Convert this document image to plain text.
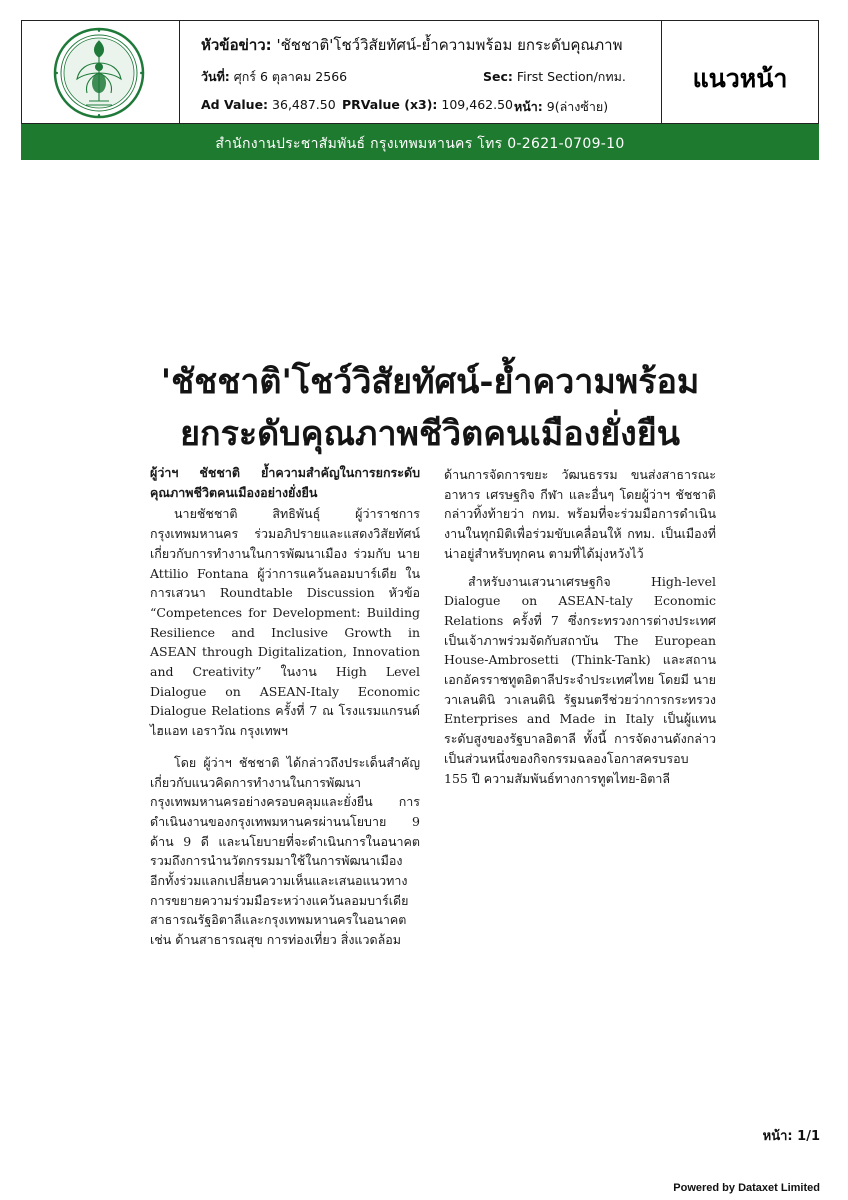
หัวข้อข่าว: 'ชัชชาติ'โชว์วิสัยทัศน์-ย้ำความพร้อม ยกระดับคุณภาพ
วันที่: ศุกร์ 6 ตุลาคม 2566	Sec: First Section/กทม.
Ad Value: 36,487.50 PRValue (x3): 109,462.50 หน้า: 9(ล่างซ้าย)
แนวหน้า
สำนักงานประชาสัมพันธ์ กรุงเทพมหานคร โทร 0-2621-0709-10
'ชัชชาติ'โชว์วิสัยทัศน์-ย้ำความพร้อม
ยกระดับคุณภาพชีวิตคนเมืองยั่งยืน

ผู้ว่าฯ ชัชชาติ ย้ำความสำคัญในการยกระดับคุณภาพชีวิตคนเมืองอย่างยั่งยืน

นายชัชชาติ สิทธิพันธุ์ ผู้ว่าราชการกรุงเทพมหานคร ร่วมอภิปรายและแสดงวิสัยทัศน์เกี่ยวกับการทำงานในการพัฒนาเมือง ร่วมกับ นาย Attilio Fontana ผู้ว่าการแคว้นลอมบาร์เดีย ในการเสวนา Roundtable Discussion หัวข้อ “Competences for Development: Building Resilience and Inclusive Growth in ASEAN through Digitalization, Innovation and Creativity” ในงาน High Level Dialogue on ASEAN-Italy Economic Dialogue Relations ครั้งที่ 7 ณ โรงแรมแกรนด์ ไฮแอท เอราวัณ กรุงเทพฯ

โดย ผู้ว่าฯ ชัชชาติ ได้กล่าวถึงประเด็นสำคัญเกี่ยวกับแนวคิดการทำงานในการพัฒนากรุงเทพมหานครอย่างครอบคลุมและยั่งยืน การดำเนินงานของกรุงเทพมหานครผ่านนโยบาย 9 ด้าน 9 ดี และนโยบายที่จะดำเนินการในอนาคต รวมถึงการนำนวัตกรรมมาใช้ในการพัฒนาเมือง อีกทั้งร่วมแลกเปลี่ยนความเห็นและเสนอแนวทางการขยายความร่วมมือระหว่างแคว้นลอมบาร์เดีย สาธารณรัฐอิตาลีและกรุงเทพมหานครในอนาคต เช่น ด้านสาธารณสุข การท่องเที่ยว สิ่งแวดล้อม

ด้านการจัดการขยะ วัฒนธรรม ขนส่งสาธารณะ อาหาร เศรษฐกิจ กีฬา และอื่นๆ โดยผู้ว่าฯ ชัชชาติกล่าวทิ้งท้ายว่า กทม. พร้อมที่จะร่วมมือการดำเนินงานในทุกมิติเพื่อร่วมขับเคลื่อนให้ กทม. เป็นเมืองที่น่าอยู่สำหรับทุกคน ตามที่ได้มุ่งหวังไว้

สำหรับงานเสวนาเศรษฐกิจ High-level Dialogue on ASEAN-taly Economic Relations ครั้งที่ 7 ซึ่งกระทรวงการต่างประเทศเป็นเจ้าภาพร่วมจัดกับสถาบัน The European House-Ambrosetti (Think-Tank) และสถานเอกอัครราชทูตอิตาลีประจำประเทศไทย โดยมี นายวาเลนตินิ วาเลนตินิ รัฐมนตรีช่วยว่าการกระทรวง Enterprises and Made in Italy เป็นผู้แทนระดับสูงของรัฐบาลอิตาลี ทั้งนี้ การจัดงานดังกล่าวเป็นส่วนหนึ่งของกิจกรรมฉลองโอกาสครบรอบ 155 ปี ความสัมพันธ์ทางการทูตไทย-อิตาลี

หน้า: 1/1
Powered by Dataxet Limited
